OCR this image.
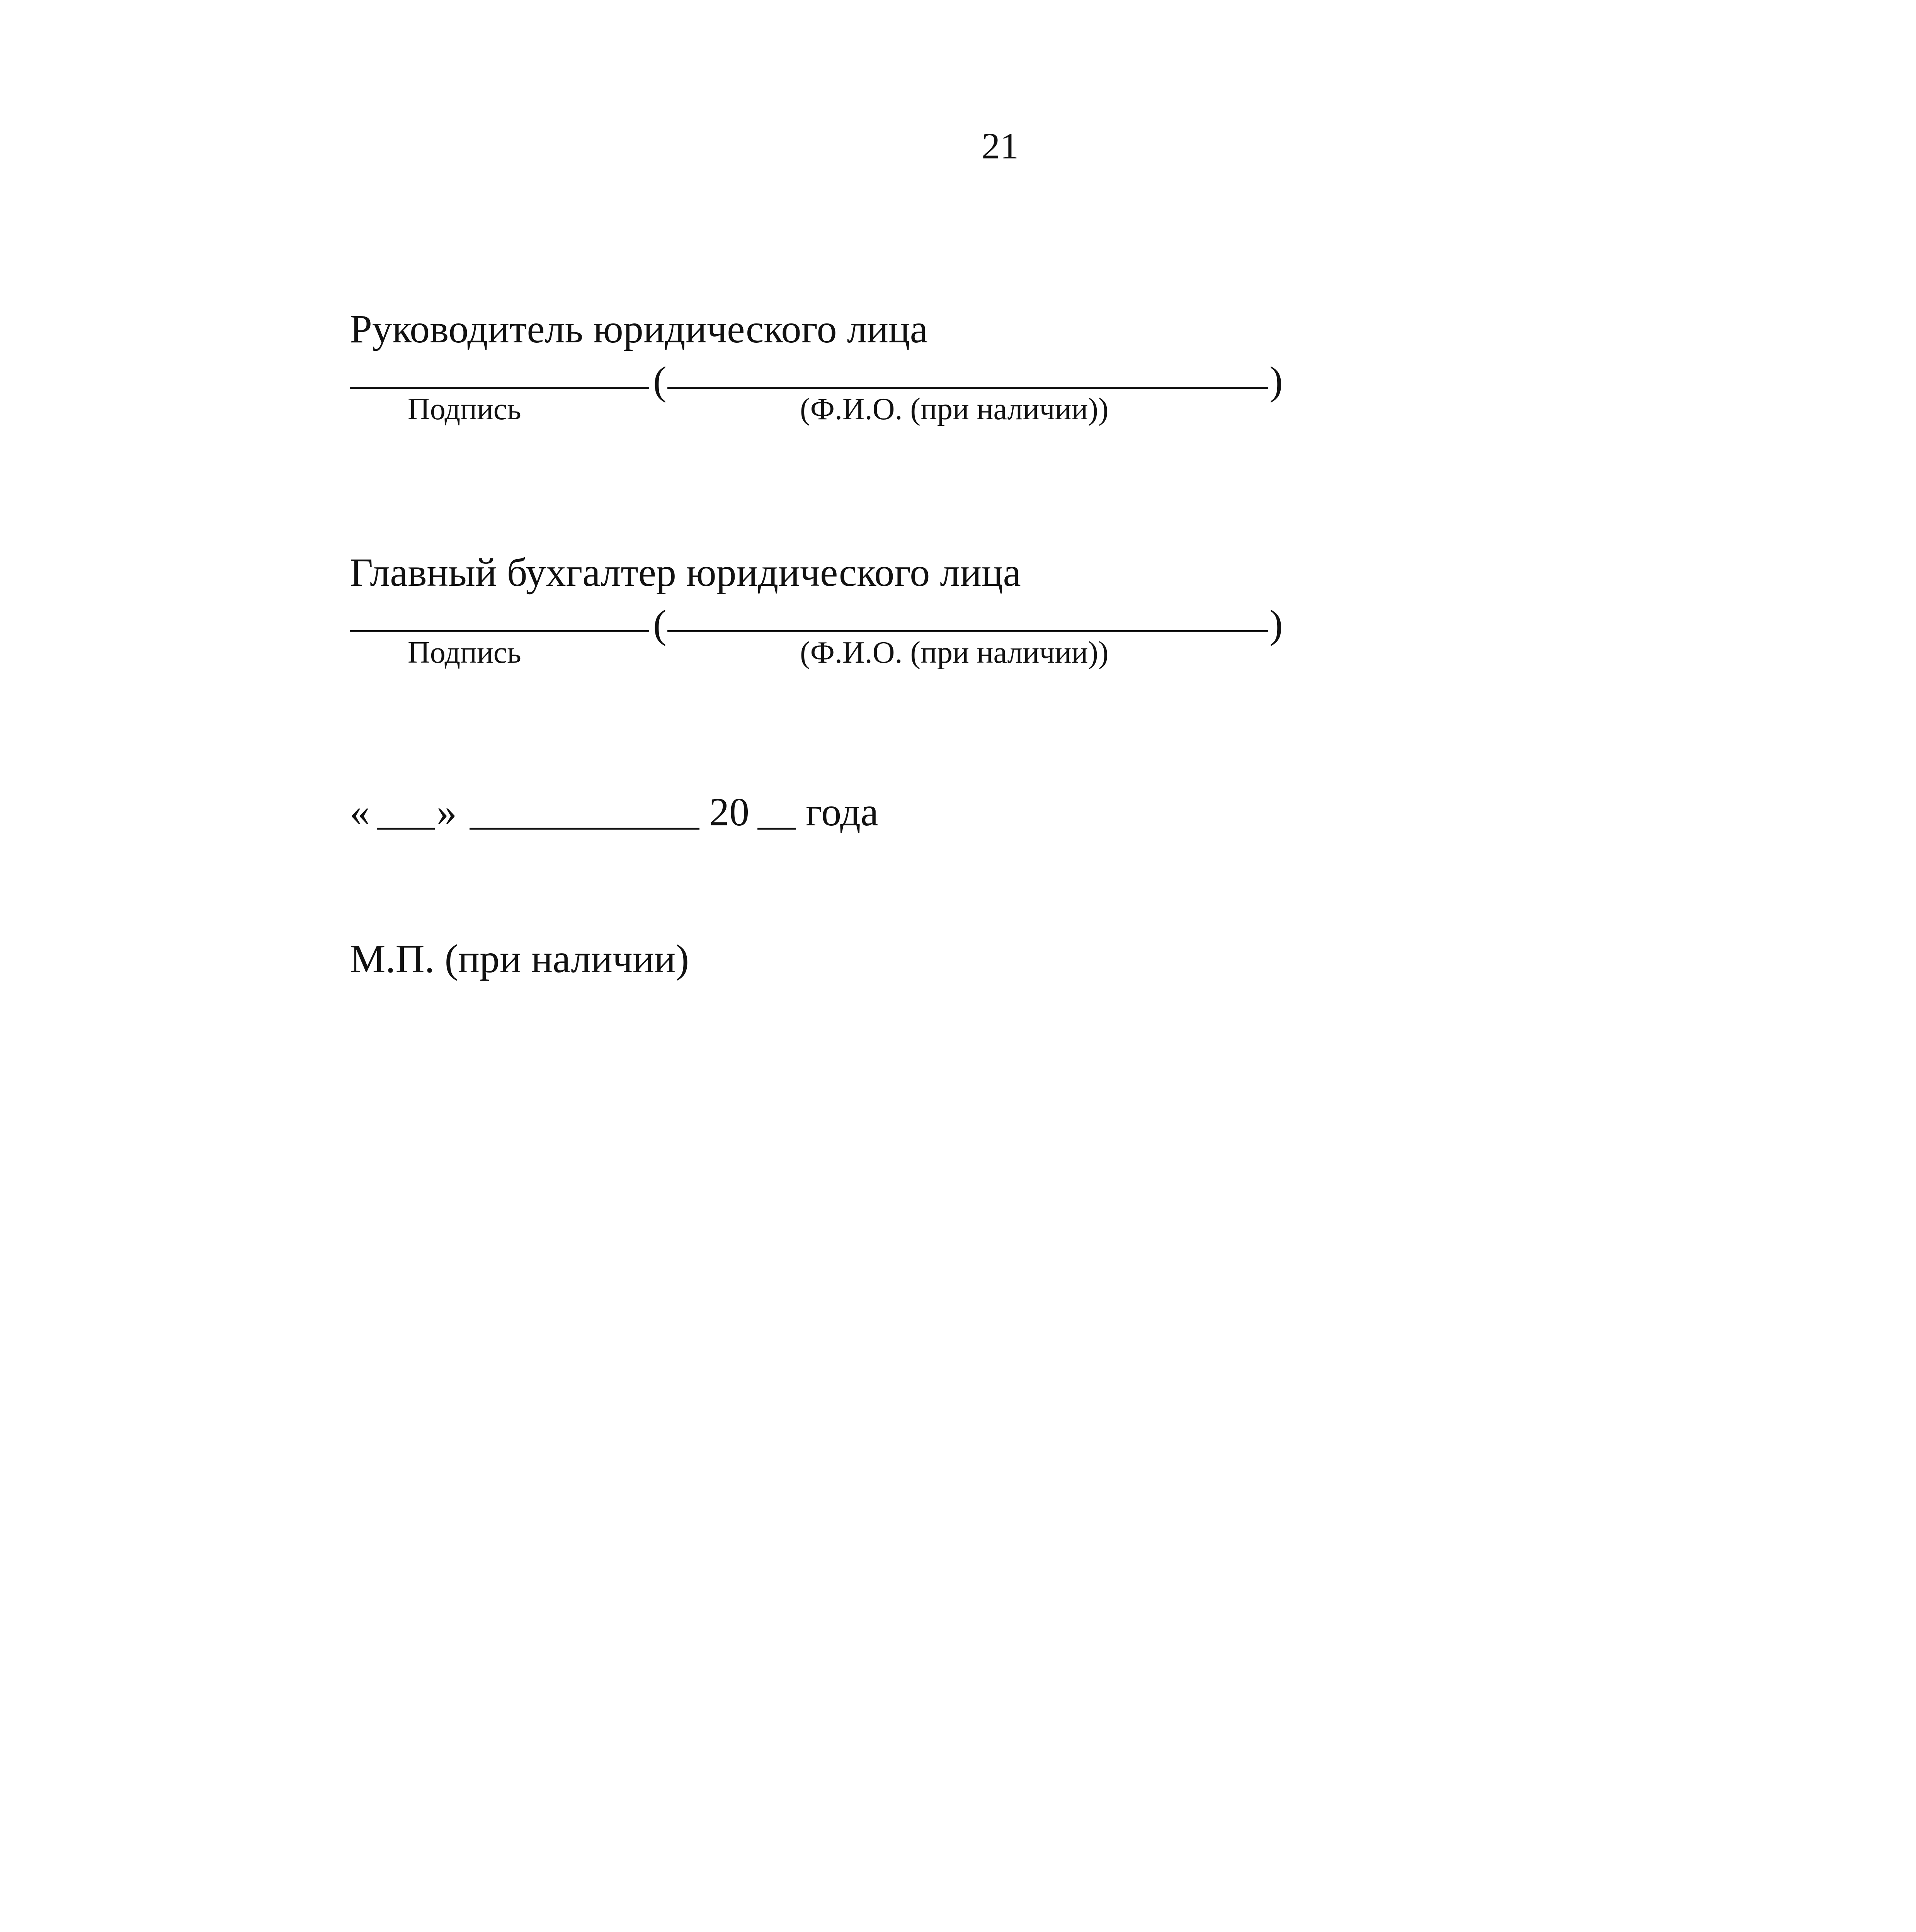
21
Руководитель юридического лица
(	)
Подпись	(Ф.И.О. (при наличии))
Главный бухгалтер юридического лица
(	)
Подпись	(Ф.И.О. (при наличии))
« »	20 года
М.П. (при наличии)
